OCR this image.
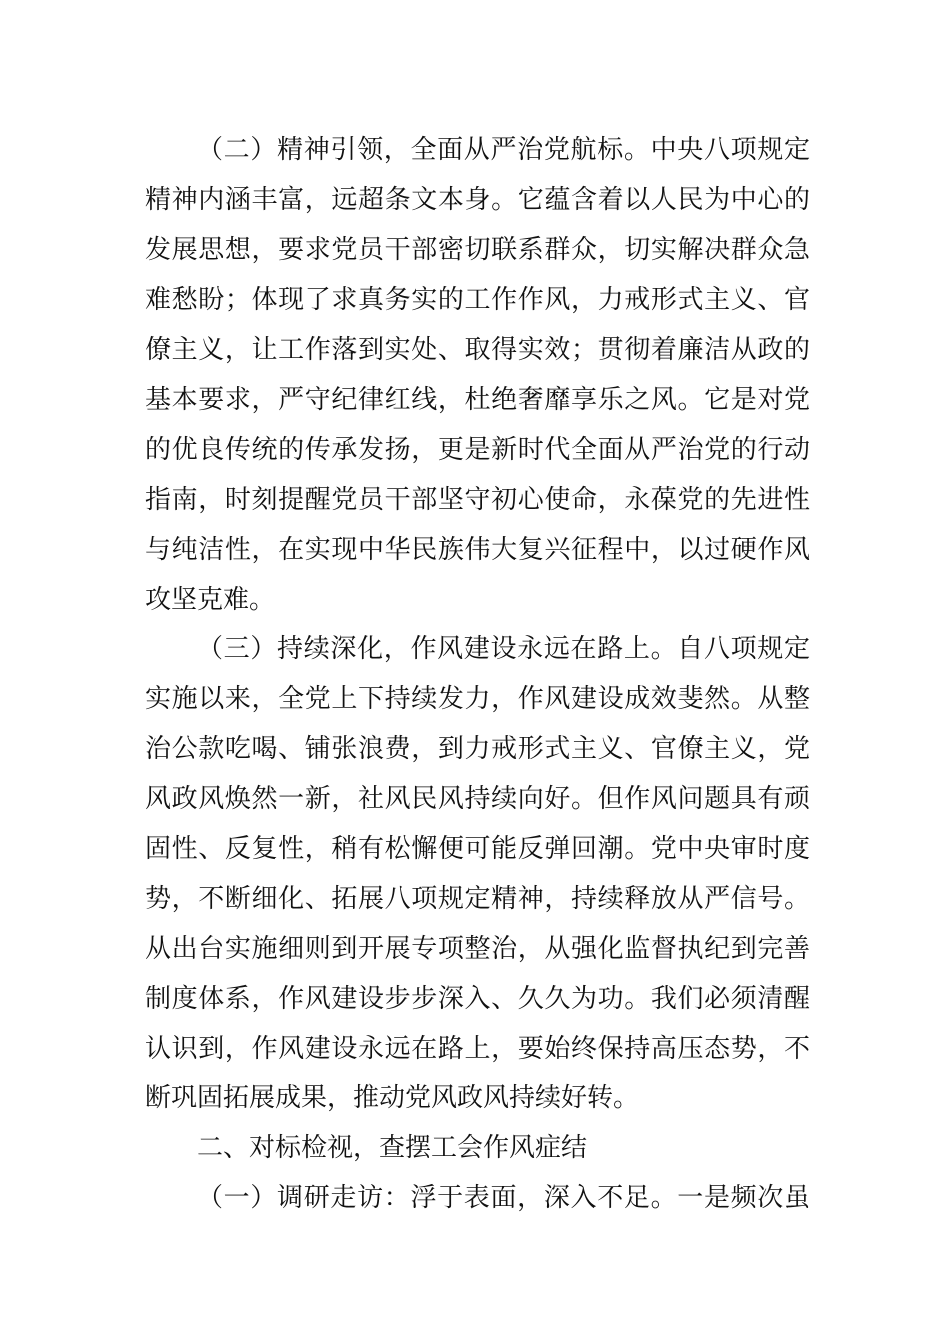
（二）精神引领，全面从严治党航标。中央八项规定
精神内涵丰富，远超条文本身。它蕴含着以人民为中心的
发展思想，要求党员干部密切联系群众，切实解决群众急
难愁盼；体现了求真务实的工作作风，力戒形式主义、官
僚主义，让工作落到实处、取得实效；贯彻着廉洁从政的
基本要求，严守纪律红线，杜绝奢靡享乐之风。它是对党
的优良传统的传承发扬，更是新时代全面从严治党的行动
指南，时刻提醒党员干部坚守初心使命，永葆党的先进性
与纯洁性，在实现中华民族伟大复兴征程中，以过硬作风
攻坚克难。
（三）持续深化，作风建设永远在路上。自八项规定
实施以来，全党上下持续发力，作风建设成效斐然。从整
治公款吃喝、铺张浪费，到力戒形式主义、官僚主义，党
风政风焕然一新，社风民风持续向好。但作风问题具有顽
固性、反复性，稍有松懈便可能反弹回潮。党中央审时度
势，不断细化、拓展八项规定精神，持续释放从严信号。
从出台实施细则到开展专项整治，从强化监督执纪到完善
制度体系，作风建设步步深入、久久为功。我们必须清醒
认识到，作风建设永远在路上，要始终保持高压态势，不
断巩固拓展成果，推动党风政风持续好转。
二、对标检视，查摆工会作风症结
（一）调研走访：浮于表面，深入不足。一是频次虽
